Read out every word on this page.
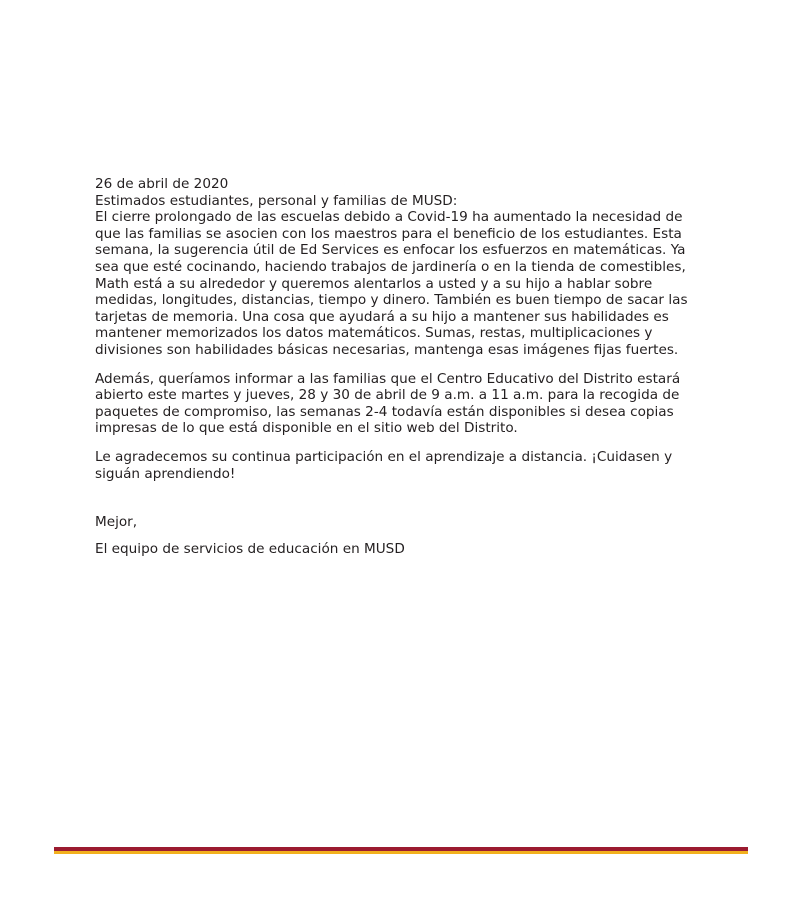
26 de abril de 2020

Estimados estudiantes, personal y familias de MUSD:

El cierre prolongado de las escuelas debido a Covid-19 ha aumentado la necesidad de que las familias se asocien con los maestros para el beneficio de los estudiantes. Esta semana, la sugerencia útil de Ed Services es enfocar los esfuerzos en matemáticas. Ya sea que esté cocinando, haciendo trabajos de jardinería o en la tienda de comestibles, Math está a su alrededor y queremos alentarlos a usted y a su hijo a hablar sobre medidas, longitudes, distancias, tiempo y dinero. También es buen tiempo de sacar las tarjetas de memoria. Una cosa que ayudará a su hijo a mantener sus habilidades es mantener memorizados los datos matemáticos. Sumas, restas, multiplicaciones y divisiones son habilidades básicas necesarias, mantenga esas imágenes fijas fuertes.

Además, queríamos informar a las familias que el Centro Educativo del Distrito estará abierto este martes y jueves, 28 y 30 de abril de 9 a.m. a 11 a.m. para la recogida de paquetes de compromiso, las semanas 2-4 todavía están disponibles si desea copias impresas de lo que está disponible en el sitio web del Distrito.

Le agradecemos su continua participación en el aprendizaje a distancia. ¡Cuidasen y siguán aprendiendo!

Mejor,

El equipo de servicios de educación en MUSD
